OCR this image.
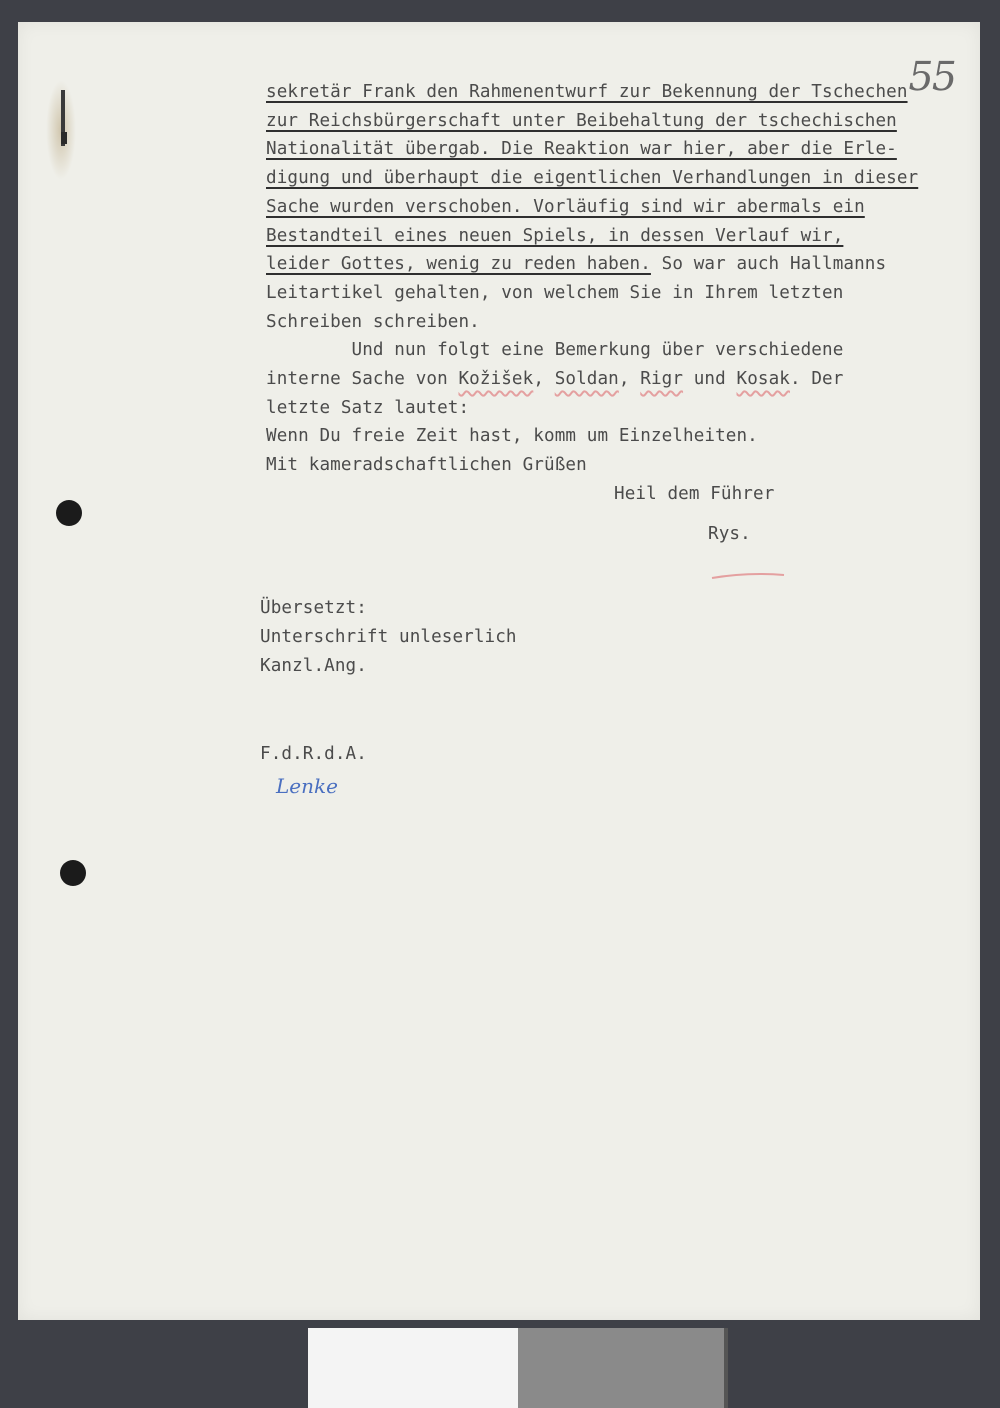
55

sekretär Frank den Rahmenentwurf zur Bekennung der Tschechen

zur Reichsbürgerschaft unter Beibehaltung der tschechischen

Nationalität übergab. Die Reaktion war hier, aber die Erle-

digung und überhaupt die eigentlichen Verhandlungen in dieser

Sache wurden verschoben. Vorläufig sind wir abermals ein

Bestandteil eines neuen Spiels, in dessen Verlauf wir,

leider Gottes, wenig zu reden haben. So war auch Hallmanns

Leitartikel gehalten, von welchem Sie in Ihrem letzten

Schreiben schreiben.

Und nun folgt eine Bemerkung über verschiedene

interne Sache von Kožišek, Soldan, Rigr und Kosak. Der

letzte Satz lautet:

Wenn Du freie Zeit hast, komm um Einzelheiten.

Mit kameradschaftlichen Grüßen

Heil dem Führer

Rys.

Übersetzt:

Unterschrift unleserlich

Kanzl.Ang.

F.d.R.d.A.

Lenke
